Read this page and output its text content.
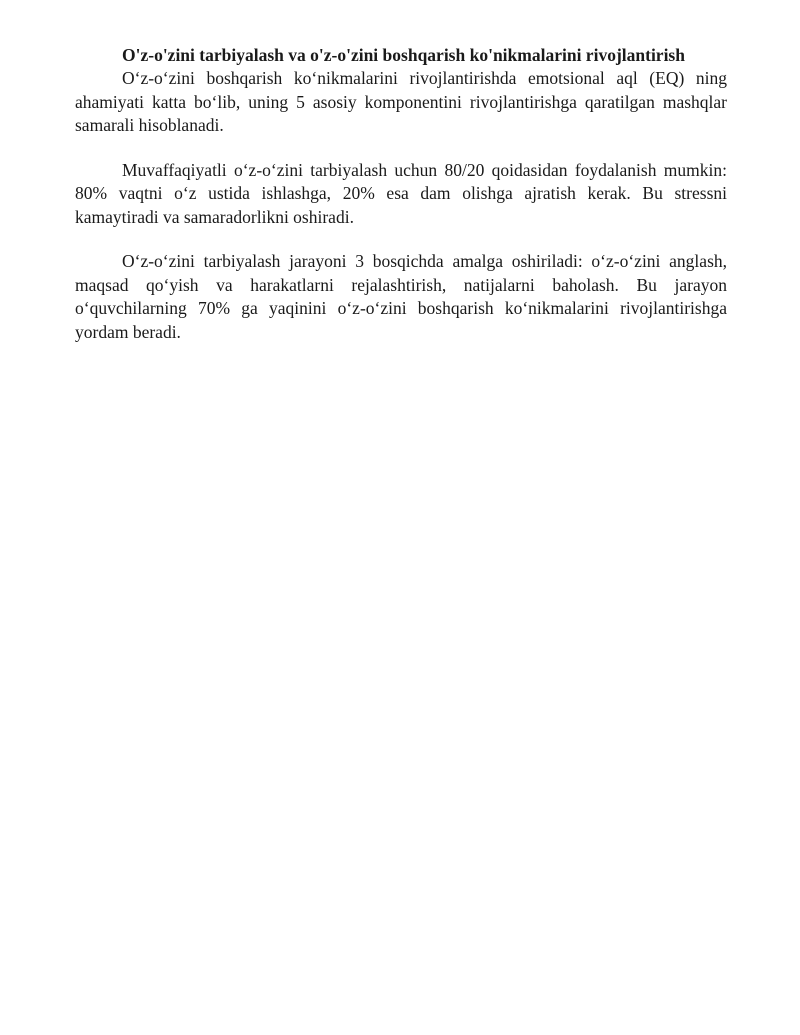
O'z-o'zini tarbiyalash va o'z-o'zini boshqarish ko'nikmalarini rivojlantirish

O‘z-o‘zini boshqarish ko‘nikmalarini rivojlantirishda emotsional aql (EQ) ning ahamiyati katta bo‘lib, uning 5 asosiy komponentini rivojlantirishga qaratilgan mashqlar samarali hisoblanadi.

Muvaffaqiyatli o‘z-o‘zini tarbiyalash uchun 80/20 qoidasidan foydalanish mumkin: 80% vaqtni o‘z ustida ishlashga, 20% esa dam olishga ajratish kerak. Bu stressni kamaytiradi va samaradorlikni oshiradi.

O‘z-o‘zini tarbiyalash jarayoni 3 bosqichda amalga oshiriladi: o‘z-o‘zini anglash, maqsad qo‘yish va harakatlarni rejalashtirish, natijalarni baholash. Bu jarayon o‘quvchilarning 70% ga yaqinini o‘z-o‘zini boshqarish ko‘nikmalarini rivojlantirishga yordam beradi.
